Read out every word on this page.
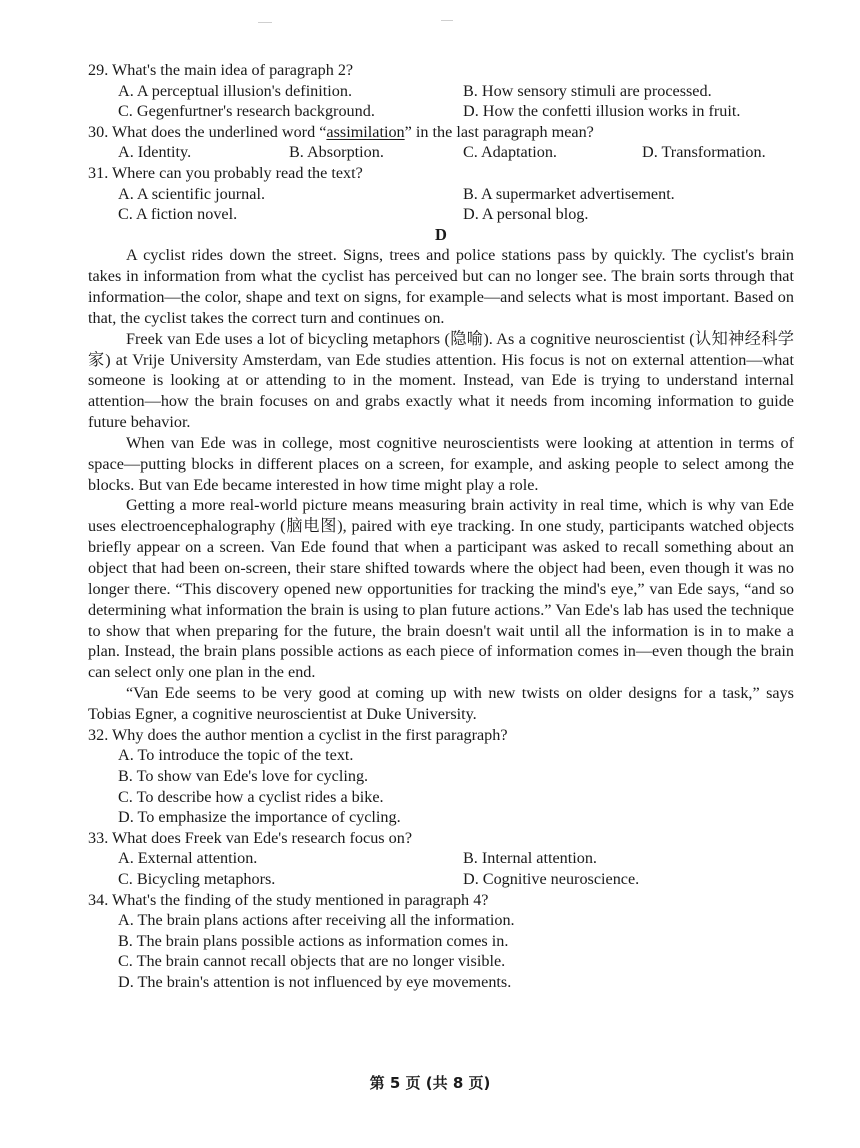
29. What's the main idea of paragraph 2?
A. A perceptual illusion's definition.	B. How sensory stimuli are processed.
C. Gegenfurtner's research background.	D. How the confetti illusion works in fruit.
30. What does the underlined word “assimilation” in the last paragraph mean?
A. Identity.	B. Absorption.	C. Adaptation.	D. Transformation.
31. Where can you probably read the text?
A. A scientific journal.	B. A supermarket advertisement.
C. A fiction novel.	D. A personal blog.
D
A cyclist rides down the street. Signs, trees and police stations pass by quickly. The cyclist's brain takes in information from what the cyclist has perceived but can no longer see. The brain sorts through that information—the color, shape and text on signs, for example—and selects what is most important. Based on that, the cyclist takes the correct turn and continues on.
Freek van Ede uses a lot of bicycling metaphors (隐喻). As a cognitive neuroscientist (认知神经科学家) at Vrije University Amsterdam, van Ede studies attention. His focus is not on external attention—what someone is looking at or attending to in the moment. Instead, van Ede is trying to understand internal attention—how the brain focuses on and grabs exactly what it needs from incoming information to guide future behavior.
When van Ede was in college, most cognitive neuroscientists were looking at attention in terms of space—putting blocks in different places on a screen, for example, and asking people to select among the blocks. But van Ede became interested in how time might play a role.
Getting a more real-world picture means measuring brain activity in real time, which is why van Ede uses electroencephalography (脑电图), paired with eye tracking. In one study, participants watched objects briefly appear on a screen. Van Ede found that when a participant was asked to recall something about an object that had been on-screen, their stare shifted towards where the object had been, even though it was no longer there. “This discovery opened new opportunities for tracking the mind's eye,” van Ede says, “and so determining what information the brain is using to plan future actions.” Van Ede's lab has used the technique to show that when preparing for the future, the brain doesn't wait until all the information is in to make a plan. Instead, the brain plans possible actions as each piece of information comes in—even though the brain can select only one plan in the end.
“Van Ede seems to be very good at coming up with new twists on older designs for a task,” says Tobias Egner, a cognitive neuroscientist at Duke University.
32. Why does the author mention a cyclist in the first paragraph?
A. To introduce the topic of the text.
B. To show van Ede's love for cycling.
C. To describe how a cyclist rides a bike.
D. To emphasize the importance of cycling.
33. What does Freek van Ede's research focus on?
A. External attention.	B. Internal attention.
C. Bicycling metaphors.	D. Cognitive neuroscience.
34. What's the finding of the study mentioned in paragraph 4?
A. The brain plans actions after receiving all the information.
B. The brain plans possible actions as information comes in.
C. The brain cannot recall objects that are no longer visible.
D. The brain's attention is not influenced by eye movements.
第 5 页 (共 8 页)
